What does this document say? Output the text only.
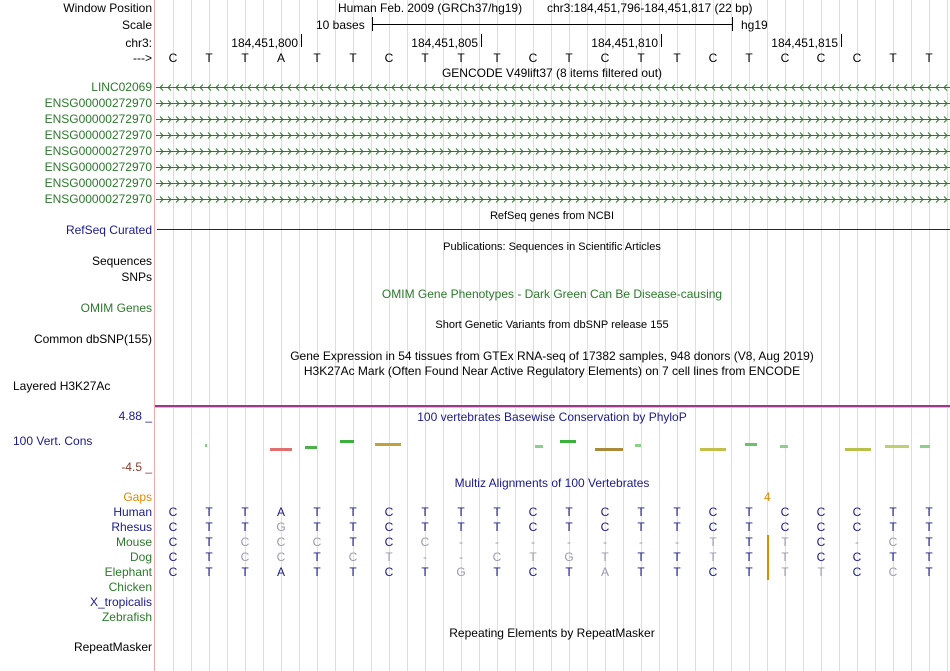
Window Position	Human Feb. 2009 (GRCh37/hg19) chr3:184,451,796-184,451,817 (22 bp)
Scale	10 bases	hg19
chr3:	184,451,800	184,451,805	184,451,810	184,451,815
---> C T T A T T C T T T C T C T T C T C C C T T
GENCODE V49lift37 (8 items filtered out)
LINC02069
ENSG00000272970
ENSG00000272970
ENSG00000272970
ENSG00000272970
ENSG00000272970
ENSG00000272970
ENSG00000272970
RefSeq genes from NCBI
RefSeq Curated
Publications: Sequences in Scientific Articles
Sequences
SNPs
OMIM Gene Phenotypes - Dark Green Can Be Disease-causing
OMIM Genes
Short Genetic Variants from dbSNP release 155
Common dbSNP(155)
Gene Expression in 54 tissues from GTEx RNA-seq of 17382 samples, 948 donors (V8, Aug 2019)
H3K27Ac Mark (Often Found Near Active Regulatory Elements) on 7 cell lines from ENCODE
Layered H3K27Ac
100 vertebrates Basewise Conservation by PhyloP
4.88 _
100 Vert. Cons
-4.5 _
Multiz Alignments of 100 Vertebrates
Gaps	4
Human C T T A T T C T T T C T C T T C T C C C T T
Rhesus C T T G T T C T T T C T C T T C T C C C T T
Mouse C T C C C T C C	-	-	-	-	-	-	-	T T T C	-	C T
Dog C T C C T C T	-	-	C T G T T T T T T C C T T
Elephant C T T A T T C T G T C T A T T C T T T C C T
Chicken
X_tropicalis
Zebrafish
Repeating Elements by RepeatMasker
RepeatMasker
